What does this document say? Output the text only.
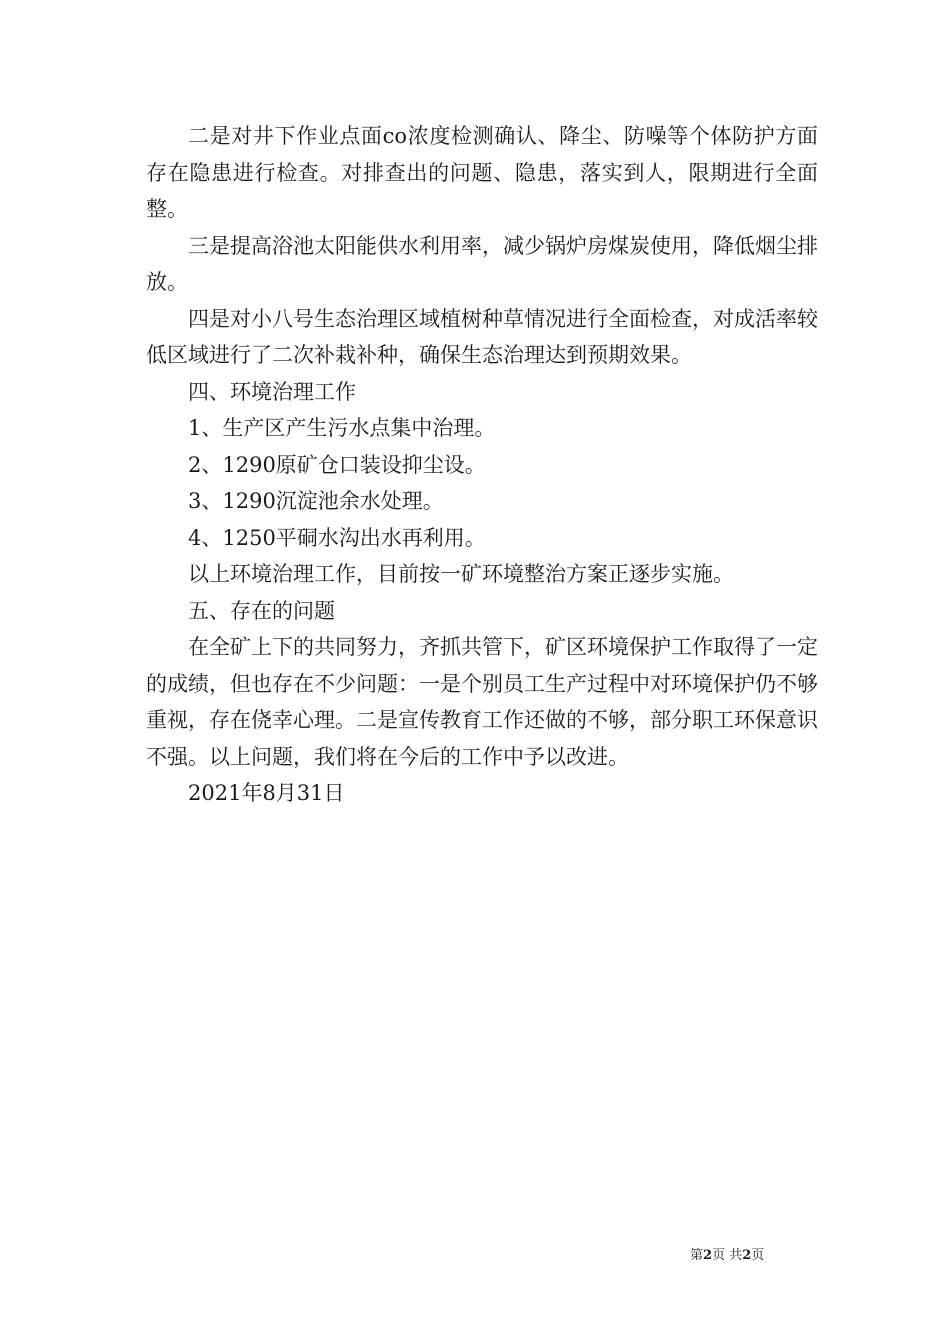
二是对井下作业点面co浓度检测确认、降尘、防噪等个体防护方面存在隐患进行检查。对排查出的问题、隐患，落实到人，限期进行全面整。

三是提高浴池太阳能供水利用率，减少锅炉房煤炭使用，降低烟尘排放。

四是对小八号生态治理区域植树种草情况进行全面检查，对成活率较低区域进行了二次补栽补种，确保生态治理达到预期效果。

四、环境治理工作

1、生产区产生污水点集中治理。

2、1290原矿仓口装设抑尘设。

3、1290沉淀池余水处理。

4、1250平硐水沟出水再利用。

以上环境治理工作，目前按一矿环境整治方案正逐步实施。

五、存在的问题

在全矿上下的共同努力，齐抓共管下，矿区环境保护工作取得了一定的成绩，但也存在不少问题：一是个别员工生产过程中对环境保护仍不够重视，存在侥幸心理。二是宣传教育工作还做的不够，部分职工环保意识不强。以上问题，我们将在今后的工作中予以改进。

2021年8月31日

第2页 共2页
